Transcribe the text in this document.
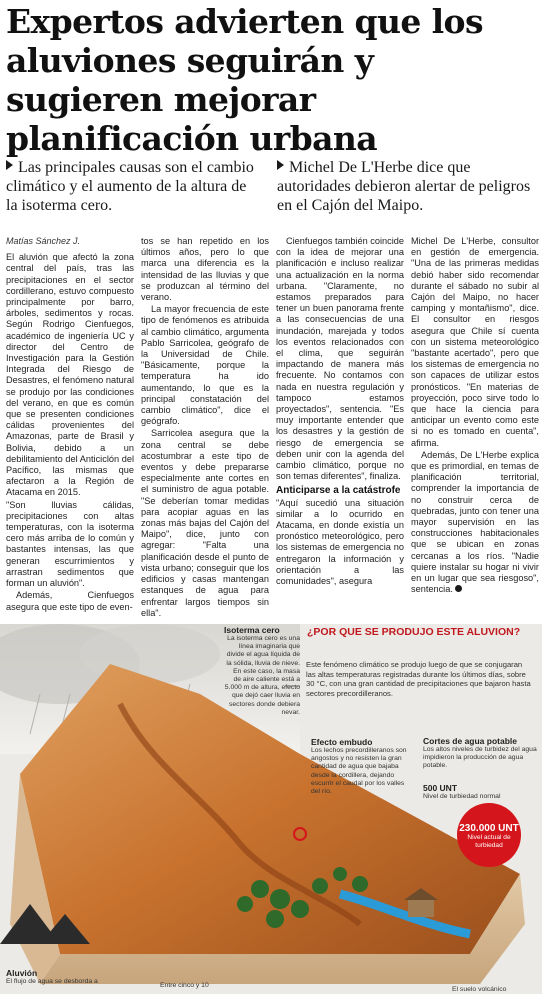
Expertos advierten que los aluviones seguirán y sugieren mejorar planificación urbana
Las principales causas son el cambio climático y el aumento de la altura de la isoterma cero.
Michel De L'Herbe dice que autoridades debieron alertar de peligros en el Cajón del Maipo.
Matías Sánchez J.

El aluvión que afectó la zona central del país, tras las precipitaciones en el sector cordillerano, estuvo compuesto principalmente por barro, árboles, sedimentos y rocas. Según Rodrigo Cienfuegos, académico de ingeniería UC y director del Centro de Investigación para la Gestión Integrada del Riesgo de Desastres, el fenómeno natural se produjo por las condiciones del verano, en que es común que se presenten condiciones cálidas provenientes del Amazonas, parte de Brasil y Bolivia, debido a un debilitamiento del Anticiclón del Pacífico, las mismas que afectaron a la Región de Atacama en 2015.

"Son lluvias cálidas, precipitaciones con altas temperaturas, con la isoterma cero más arriba de lo común y bastantes intensas, las que generan escurrimientos y arrastran sedimentos que forman un aluvión".

Además, Cienfuegos asegura que este tipo de even-

tos se han repetido en los últimos años, pero lo que marca una diferencia es la intensidad de las lluvias y que se produzcan al término del verano.

La mayor frecuencia de este tipo de fenómenos es atribuida al cambio climático, argumenta Pablo Sarricolea, geógrafo de la Universidad de Chile. "Básicamente, porque la temperatura ha ido aumentando, lo que es la principal constatación del cambio climático", dice el geógrafo.

Sarricolea asegura que la zona central se debe acostumbrar a este tipo de eventos y debe prepararse especialmente ante cortes en el suministro de agua potable. "Se deberían tomar medidas para acopiar aguas en las zonas más bajas del Cajón del Maipo", dice, junto con agregar: "Falta una planificación desde el punto de vista urbano; conseguir que los edificios y casas mantengan estanques de agua para enfrentar largos tiempos sin ella".

Cienfuegos también coincide con la idea de mejorar una planificación e incluso realizar una actualización en la norma urbana. "Claramente, no estamos preparados para tener un buen panorama frente a las consecuencias de una inundación, marejada y todos los eventos relacionados con el clima, que seguirán impactando de manera más frecuente. No contamos con nada en nuestra regulación y tampoco estamos proyectados", sentencia. "Es muy importante entender que los desastres y la gestión de riesgo de emergencia se deben unir con la agenda del cambio climático, porque no son temas diferentes", finaliza.

Anticiparse a la catástrofe

"Aquí sucedió una situación similar a lo ocurrido en Atacama, en donde existía un pronóstico meteorológico, pero los sistemas de emergencia no entregaron la información y orientación a las comunidades", asegura

Michel De L'Herbe, consultor en gestión de emergencia. "Una de las primeras medidas debió haber sido recomendar durante el sábado no subir al Cajón del Maipo, no hacer camping y montañismo", dice. El consultor en riesgos asegura que Chile sí cuenta con un sistema meteorológico "bastante acertado", pero que los sistemas de emergencia no son capaces de utilizar estos pronósticos. "En materias de proyección, poco sirve todo lo que hace la ciencia para anticipar un evento como este si no es tomado en cuenta", afirma.

Además, De L'Herbe explica que es primordial, en temas de planificación territorial, comprender la importancia de no construir cerca de quebradas, junto con tener una mayor supervisión en las construcciones habitacionales que se ubican en zonas cercanas a los ríos. "Nadie quiere instalar su hogar ni vivir en un lugar que sea riesgoso", sentencia.

¿POR QUE SE PRODUJO ESTE ALUVION?
Este fenómeno climático se produjo luego de que se conjugaran las altas temperaturas registradas durante los últimos días, sobre 30 °C, con una gran cantidad de precipitaciones que bajaron hasta sectores precordilleranos.
Isoterma cero
La isoterma cero es una línea imaginaria que divide el agua líquida de la sólida, lluvia de nieve. En este caso, la masa de aire caliente está a 5.000 m de altura, efecto que dejó caer lluvia en sectores donde debiera nevar.
Efecto embudo
Los lechos precordilleranos son angostos y no resisten la gran cantidad de agua que bajaba desde la cordillera, dejando escurrir el caudal por los valles del río.
Cortes de agua potable
Los altos niveles de turbidez del agua impidieron la producción de agua potable.
500 UNT
Nivel de turbiedad normal
230.000 UNT
Nivel actual de turbiedad
Aluvión
El flujo de agua se desborda a
Entre cinco y 10
El suelo volcánico
